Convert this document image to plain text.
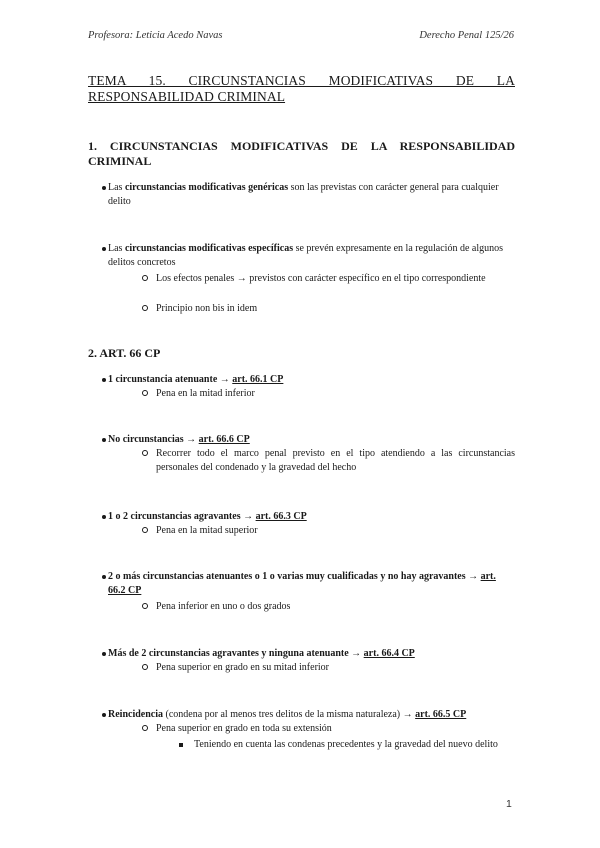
Profesora: Leticia Acedo Navas	Derecho Penal 125/26
TEMA 15. CIRCUNSTANCIAS MODIFICATIVAS DE LA RESPONSABILIDAD CRIMINAL
1. CIRCUNSTANCIAS MODIFICATIVAS DE LA RESPONSABILIDAD CRIMINAL
Las circunstancias modificativas genéricas son las previstas con carácter general para cualquier delito
Las circunstancias modificativas específicas se prevén expresamente en la regulación de algunos delitos concretos
Los efectos penales → previstos con carácter específico en el tipo correspondiente
Principio non bis in idem
2. ART. 66 CP
1 circunstancia atenuante → art. 66.1 CP
Pena en la mitad inferior
No circunstancias → art. 66.6 CP
Recorrer todo el marco penal previsto en el tipo atendiendo a las circunstancias personales del condenado y la gravedad del hecho
1 o 2 circunstancias agravantes → art. 66.3 CP
Pena en la mitad superior
2 o más circunstancias atenuantes o 1 o varias muy cualificadas y no hay agravantes → art. 66.2 CP
Pena inferior en uno o dos grados
Más de 2 circunstancias agravantes y ninguna atenuante → art. 66.4 CP
Pena superior en grado en su mitad inferior
Reincidencia (condena por al menos tres delitos de la misma naturaleza) → art. 66.5 CP
Pena superior en grado en toda su extensión
Teniendo en cuenta las condenas precedentes y la gravedad del nuevo delito
1
